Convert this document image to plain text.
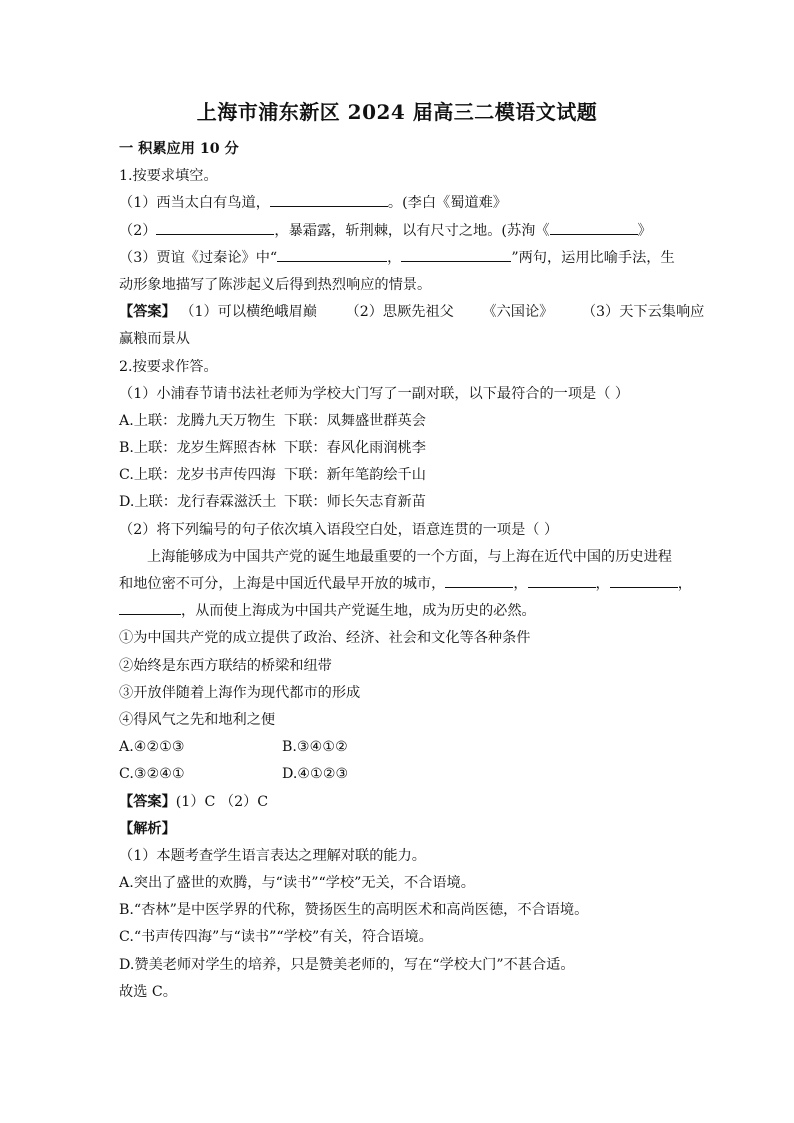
上海市浦东新区 2024 届高三二模语文试题
一 积累应用 10 分
1.按要求填空。
（1）西当太白有鸟道，	。(李白《蜀道难》
（2）	，暴霜露，斩荆棘，以有尺寸之地。(苏洵《	》
（3）贾谊《过秦论》中“	，	”两句，运用比喻手法，生
动形象地描写了陈涉起义后得到热烈响应的情景。
【答案】 （1）可以横绝峨眉巅 （2）思厥先祖父 《六国论》 （3）天下云集响应
赢粮而景从
2.按要求作答。
（1）小浦春节请书法社老师为学校大门写了一副对联，以下最符合的一项是（ ）
A.上联：龙腾九天万物生 下联：凤舞盛世群英会
B.上联：龙岁生辉照杏林 下联：春风化雨润桃李
C.上联：龙岁书声传四海 下联：新年笔韵绘千山
D.上联：龙行春霖滋沃土 下联：师长矢志育新苗
（2）将下列编号的句子依次填入语段空白处，语意连贯的一项是（ ）
上海能够成为中国共产党的诞生地最重要的一个方面，与上海在近代中国的历史进程
和地位密不可分，上海是中国近代最早开放的城市，	，	，	，
，从而使上海成为中国共产党诞生地，成为历史的必然。
①为中国共产党的成立提供了政治、经济、社会和文化等各种条件
②始终是东西方联结的桥梁和纽带
③开放伴随着上海作为现代都市的形成
④得风气之先和地利之便
A.④②①③	B.③④①②
C.③②④①	D.④①②③
【答案】(1）C （2）C
【解析】
（1）本题考查学生语言表达之理解对联的能力。
A.突出了盛世的欢腾，与“读书”“学校”无关，不合语境。
B.“杏林”是中医学界的代称，赞扬医生的高明医术和高尚医德，不合语境。
C.“书声传四海”与“读书”“学校”有关，符合语境。
D.赞美老师对学生的培养，只是赞美老师的，写在“学校大门”不甚合适。
故选 C。
